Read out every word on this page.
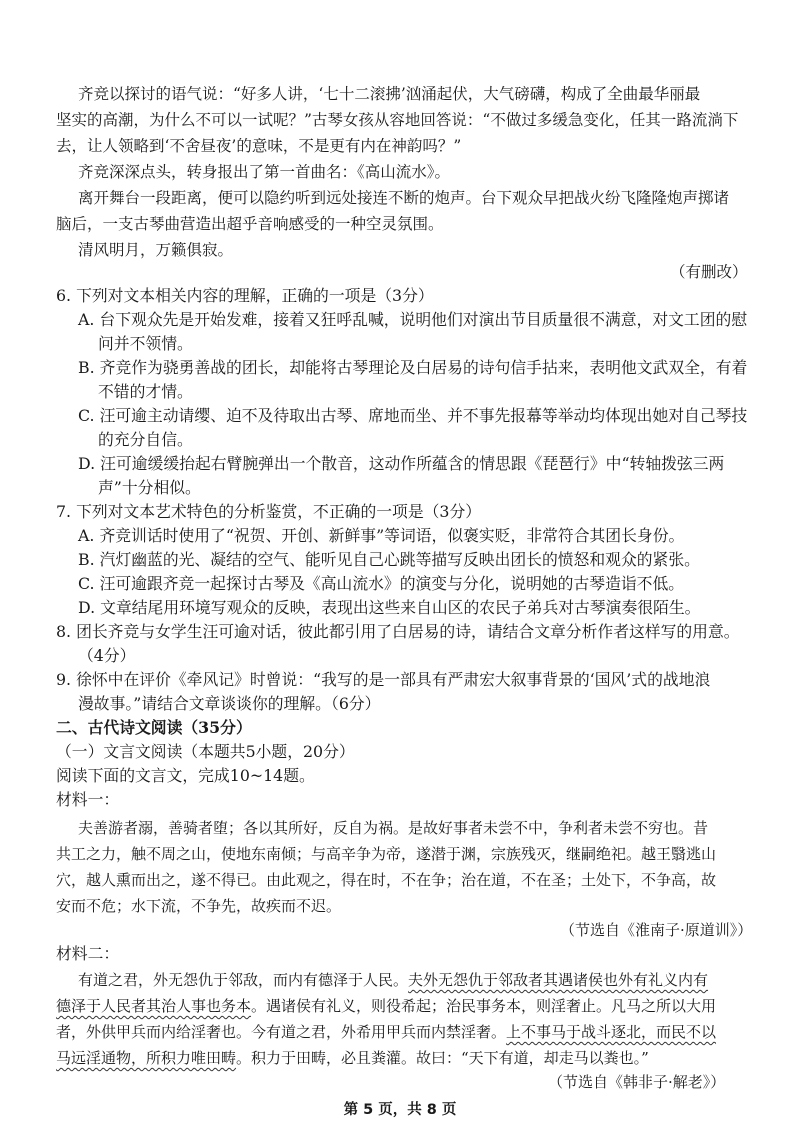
齐竞以探讨的语气说：“好多人讲，‘七十二滚拂’汹涌起伏，大气磅礴，构成了全曲最华丽最
坚实的高潮，为什么不可以一试呢？”古琴女孩从容地回答说：“不做过多缓急变化，任其一路流淌下
去，让人领略到‘不舍昼夜’的意味，不是更有内在神韵吗？”
齐竞深深点头，转身报出了第一首曲名：《高山流水》。
离开舞台一段距离，便可以隐约听到远处接连不断的炮声。台下观众早把战火纷飞隆隆炮声掷诸
脑后，一支古琴曲营造出超乎音响感受的一种空灵氛围。
清风明月，万籁俱寂。
（有删改）
6. 下列对文本相关内容的理解，正确的一项是（3分）
A. 台下观众先是开始发难，接着又狂呼乱喊，说明他们对演出节目质量很不满意，对文工团的慰
问并不领情。
B. 齐竞作为骁勇善战的团长，却能将古琴理论及白居易的诗句信手拈来，表明他文武双全，有着
不错的才情。
C. 汪可逾主动请缨、迫不及待取出古琴、席地而坐、并不事先报幕等举动均体现出她对自己琴技
的充分自信。
D. 汪可逾缓缓抬起右臂腕弹出一个散音，这动作所蕴含的情思跟《琵琶行》中“转轴拨弦三两
声”十分相似。
7. 下列对文本艺术特色的分析鉴赏，不正确的一项是（3分）
A. 齐竞训话时使用了“祝贺、开创、新鲜事”等词语，似褒实贬，非常符合其团长身份。
B. 汽灯幽蓝的光、凝结的空气、能听见自己心跳等描写反映出团长的愤怒和观众的紧张。
C. 汪可逾跟齐竞一起探讨古琴及《高山流水》的演变与分化，说明她的古琴造诣不低。
D. 文章结尾用环境写观众的反映，表现出这些来自山区的农民子弟兵对古琴演奏很陌生。
8. 团长齐竞与女学生汪可逾对话，彼此都引用了白居易的诗，请结合文章分析作者这样写的用意。
（4分）
9. 徐怀中在评价《牵风记》时曾说：“我写的是一部具有严肃宏大叙事背景的‘国风’式的战地浪
漫故事。”请结合文章谈谈你的理解。（6分）
二、古代诗文阅读（35分）
（一）文言文阅读（本题共5小题，20分）
阅读下面的文言文，完成10~14题。
材料一：
夫善游者溺，善骑者堕；各以其所好，反自为祸。是故好事者未尝不中，争利者未尝不穷也。昔
共工之力，触不周之山，使地东南倾；与高辛争为帝，遂潜于渊，宗族残灭，继嗣绝祀。越王翳逃山
穴，越人熏而出之，遂不得已。由此观之，得在时，不在争；治在道，不在圣；土处下，不争高，故
安而不危；水下流，不争先，故疾而不迟。
（节选自《淮南子·原道训》）
材料二：
有道之君，外无怨仇于邻敌，而内有德泽于人民。夫外无怨仇于邻敌者其遇诸侯也外有礼义内有
德泽于人民者其治人事也务本。遇诸侯有礼义，则役希起；治民事务本，则淫奢止。凡马之所以大用
者，外供甲兵而内给淫奢也。今有道之君，外希用甲兵而内禁淫奢。上不事马于战斗逐北，而民不以
马远淫通物，所积力唯田畴。积力于田畴，必且粪灌。故曰：“天下有道，却走马以粪也。”
（节选自《韩非子·解老》）
第 5 页，共 8 页
